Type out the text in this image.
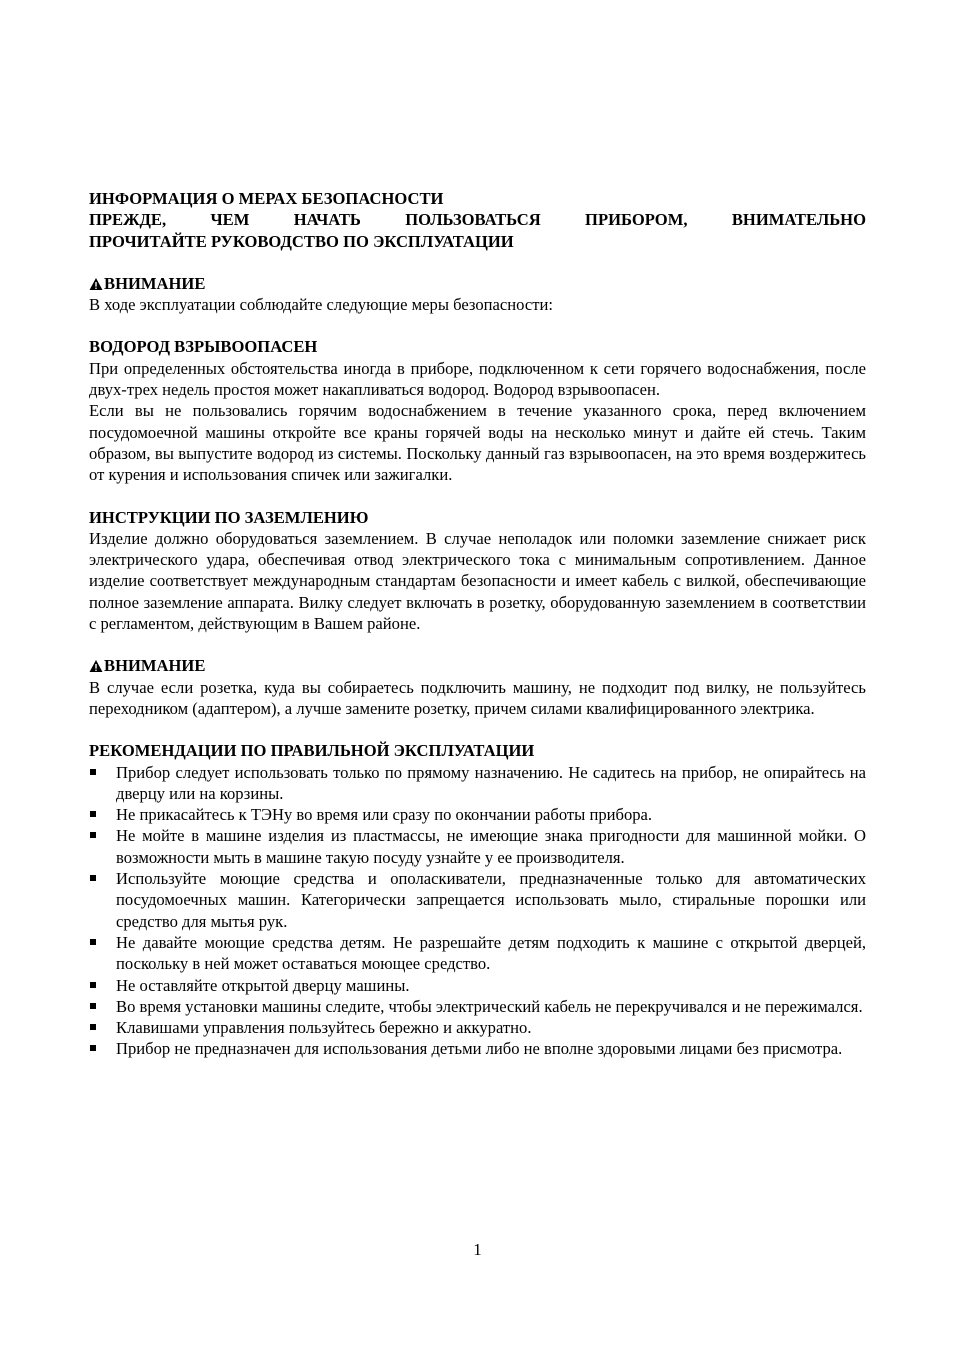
ИНФОРМАЦИЯ О МЕРАХ БЕЗОПАСНОСТИ

ПРЕЖДЕ, ЧЕМ НАЧАТЬ ПОЛЬЗОВАТЬСЯ ПРИБОРОМ, ВНИМАТЕЛЬНО

ПРОЧИТАЙТЕ РУКОВОДСТВО ПО ЭКСПЛУАТАЦИИ

ВНИМАНИЕ

В ходе эксплуатации соблюдайте следующие меры безопасности:

ВОДОРОД ВЗРЫВООПАСЕН

При определенных обстоятельства иногда в приборе, подключенном к сети горячего водоснабжения, после двух-трех недель простоя может накапливаться водород. Водород взрывоопасен.

Если вы не пользовались горячим водоснабжением в течение указанного срока, перед включением посудомоечной машины откройте все краны горячей воды на несколько минут и дайте ей стечь. Таким образом, вы выпустите водород из системы. Поскольку данный газ взрывоопасен, на это время воздержитесь от курения и использования спичек или зажигалки.

ИНСТРУКЦИИ ПО ЗАЗЕМЛЕНИЮ

Изделие должно оборудоваться заземлением. В случае неполадок или поломки заземление снижает риск электрического удара, обеспечивая отвод электрического тока с минимальным сопротивлением. Данное изделие соответствует международным стандартам безопасности и имеет кабель с вилкой, обеспечивающие полное заземление аппарата. Вилку следует включать в розетку, оборудованную заземлением в соответствии с регламентом, действующим в Вашем районе.

ВНИМАНИЕ

В случае если розетка, куда вы собираетесь подключить машину, не подходит под вилку, не пользуйтесь переходником (адаптером), а лучше замените розетку, причем силами квалифицированного электрика.

РЕКОМЕНДАЦИИ ПО ПРАВИЛЬНОЙ ЭКСПЛУАТАЦИИ

Прибор следует использовать только по прямому назначению. Не садитесь на прибор, не опирайтесь на дверцу или на корзины.
Не прикасайтесь к ТЭНу во время или сразу по окончании работы прибора.
Не мойте в машине изделия из пластмассы, не имеющие знака пригодности для машинной мойки. О возможности мыть в машине такую посуду узнайте у ее производителя.
Используйте моющие средства и ополаскиватели, предназначенные только для автоматических посудомоечных машин. Категорически запрещается использовать мыло, стиральные порошки или средство для мытья рук.
Не давайте моющие средства детям. Не разрешайте детям подходить к машине с открытой дверцей, поскольку в ней может оставаться моющее средство.
Не оставляйте открытой дверцу машины.
Во время установки машины следите, чтобы электрический кабель не перекручивался и не пережимался.
Клавишами управления пользуйтесь бережно и аккуратно.
Прибор не предназначен для использования детьми либо не вполне здоровыми лицами без присмотра.
1
